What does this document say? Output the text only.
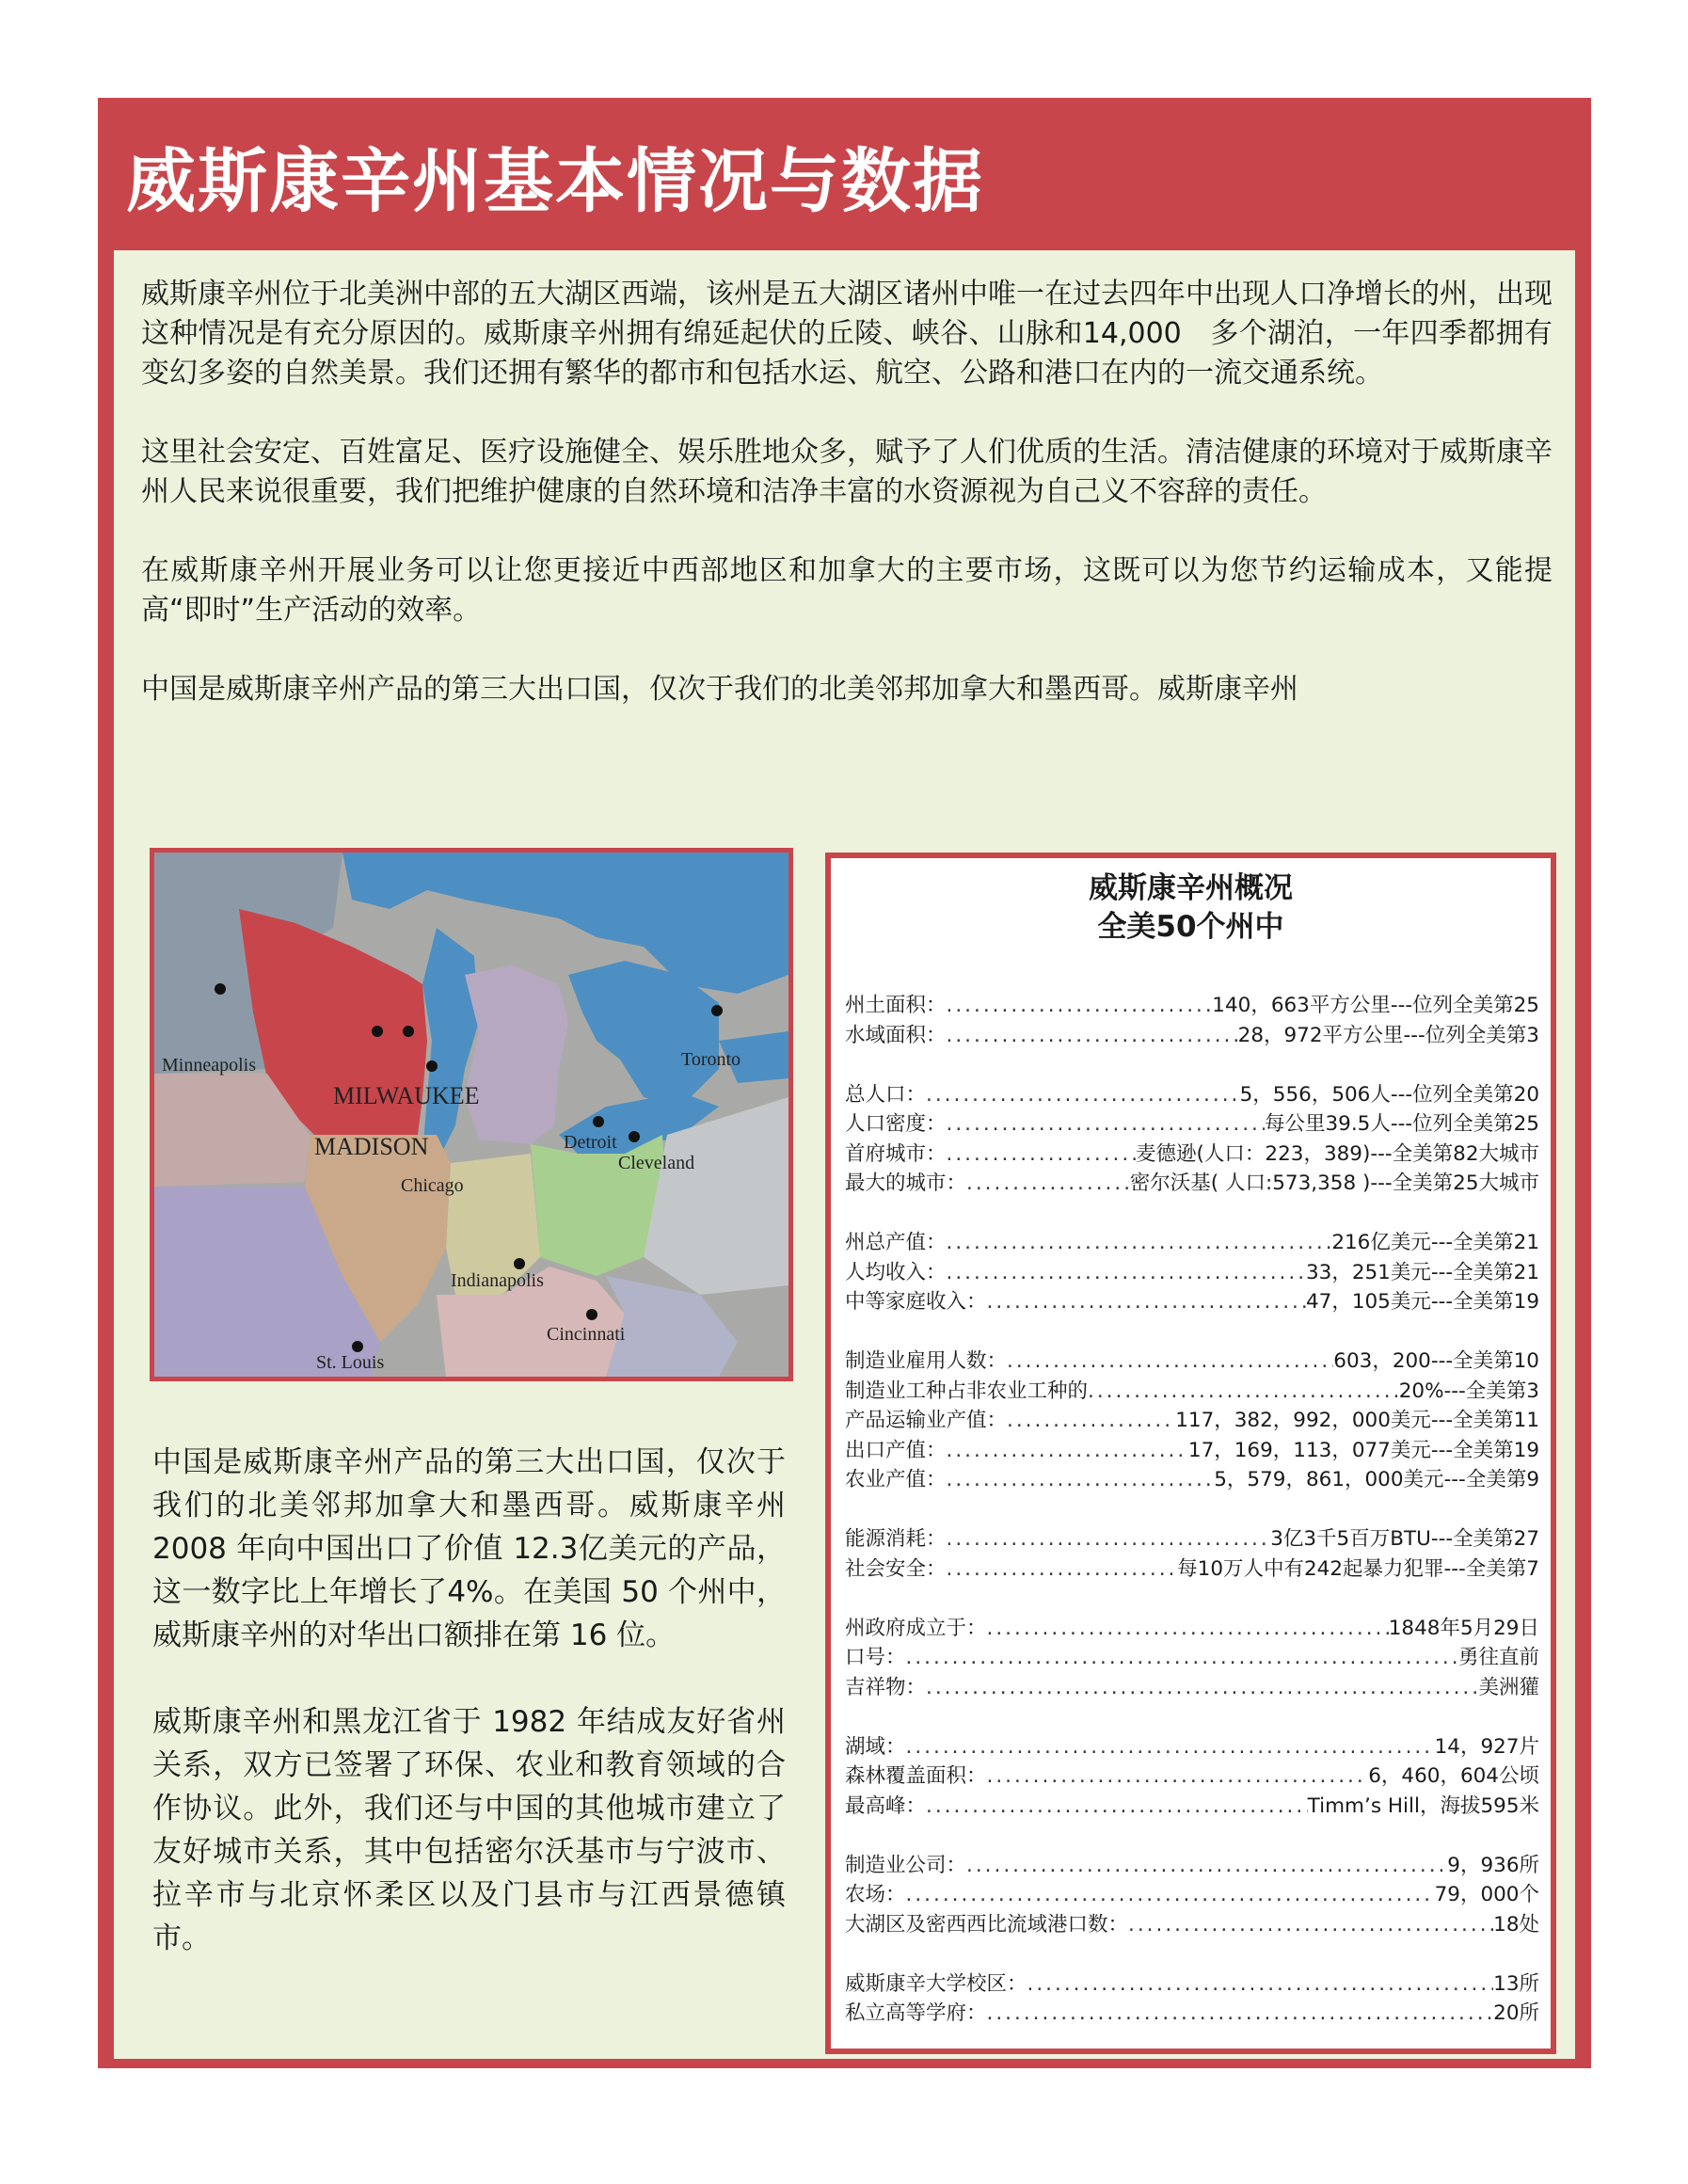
威斯康辛州基本情况与数据

威斯康辛州位于北美洲中部的五大湖区西端，该州是五大湖区诸州中唯一在过去四年中出现人口净增长的州，出现这种情况是有充分原因的。威斯康辛州拥有绵延起伏的丘陵、峡谷、山脉和14,000　多个湖泊，一年四季都拥有变幻多姿的自然美景。我们还拥有繁华的都市和包括水运、航空、公路和港口在内的一流交通系统。

这里社会安定、百姓富足、医疗设施健全、娱乐胜地众多，赋予了人们优质的生活。清洁健康的环境对于威斯康辛州人民来说很重要，我们把维护健康的自然环境和洁净丰富的水资源视为自己义不容辞的责任。

在威斯康辛州开展业务可以让您更接近中西部地区和加拿大的主要市场，这既可以为您节约运输成本，又能提高“即时”生产活动的效率。

中国是威斯康辛州产品的第三大出口国，仅次于我们的北美邻邦加拿大和墨西哥。威斯康辛州

Minneapolis
MILWAUKEE
MADISON
Chicago
Detroit
Cleveland
Toronto
Indianapolis
Cincinnati
St. Louis

中国是威斯康辛州产品的第三大出口国，仅次于我们的北美邻邦加拿大和墨西哥。威斯康辛州 2008 年向中国出口了价值 12.3亿美元的产品，这一数字比上年增长了4%。在美国 50 个州中，威斯康辛州的对华出口额排在第 16 位。

威斯康辛州和黑龙江省于 1982 年结成友好省州关系，双方已签署了环保、农业和教育领域的合作协议。此外，我们还与中国的其他城市建立了友好城市关系，其中包括密尔沃基市与宁波市、拉辛市与北京怀柔区以及门县市与江西景德镇市。

威斯康辛州概况
全美50个州中
州土面积： .....	140，663平方公里---位列全美第25
水域面积： .....	28，972平方公里---位列全美第3
总人口： .....	5，556，506人---位列全美第20
人口密度： .....	每公里39.5人---位列全美第25
首府城市： .....	麦德逊(人口：223，389)---全美第82大城市
最大的城市： .....	密尔沃基( 人口:573,358 )---全美第25大城市
州总产值： .....	216亿美元---全美第21
人均收入： .....	33，251美元---全美第21
中等家庭收入： .....	47，105美元---全美第19
制造业雇用人数： .....	603，200---全美第10
制造业工种占非农业工种的 .....	20%---全美第3
产品运输业产值： .....	117，382，992，000美元---全美第11
出口产值： .....	17，169，113，077美元---全美第19
农业产值： .....	5，579，861，000美元---全美第9
能源消耗： .....	3亿3千5百万BTU---全美第27
社会安全： .....	每10万人中有242起暴力犯罪---全美第7
州政府成立于： .....	1848年5月29日
口号： .....	勇往直前
吉祥物： .....	美洲獾
湖域： .....	14，927片
森林覆盖面积： .....	6，460，604公顷
最高峰： .....	Timm’s Hill，海拔595米
制造业公司： .....	9，936所
农场： .....	79，000个
大湖区及密西西比流域港口数： .....	18处
威斯康辛大学校区： .....	13所
私立高等学府： .....	20所
